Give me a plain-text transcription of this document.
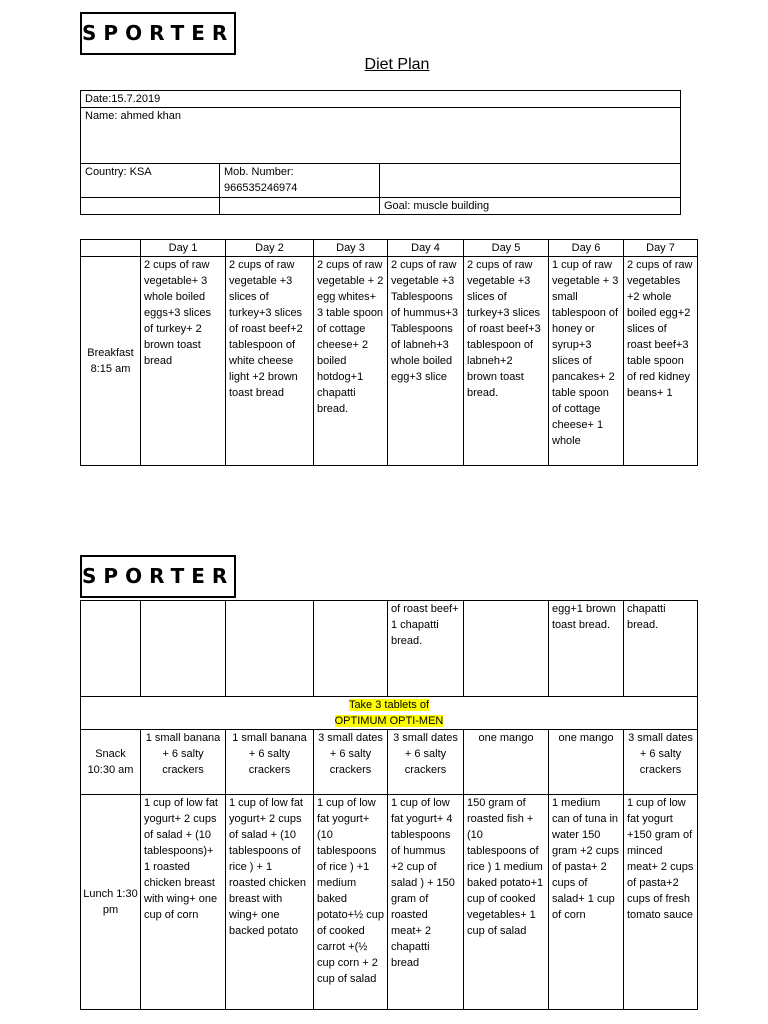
SPORTER
Diet Plan
Date:15.7.2019		
Name: ahmed khan		
Country: KSA	Mob. Number:
966535246974	

		Goal: muscle building
	Day 1	Day 2	Day 3	Day 4	Day 5	Day 6	Day 7
Breakfast 8:15 am	2 cups of raw vegetable+ 3 whole boiled eggs+3 slices of turkey+ 2 brown toast bread	2 cups of raw vegetable +3 slices of turkey+3 slices of roast beef+2 tablespoon of white cheese light +2 brown toast bread	2 cups of raw vegetable + 2 egg whites+ 3 table spoon of cottage cheese+ 2 boiled hotdog+1 chapatti bread.	2 cups of raw vegetable +3 Tablespoons of hummus+3 Tablespoons of labneh+3 whole boiled egg+3 slice	2 cups of raw vegetable +3 slices of turkey+3 slices of roast beef+3 tablespoon of labneh+2 brown toast bread.	1 cup of raw vegetable + 3 small tablespoon of honey or syrup+3 slices of pancakes+ 2 table spoon of cottage cheese+ 1 whole	2 cups of raw vegetables +2 whole boiled egg+2 slices of roast beef+3 table spoon of red kidney beans+ 1
SPORTER
				of roast beef+ 1 chapatti bread.		egg+1 brown toast bread.	chapatti bread.
Take 3 tablets of
OPTIMUM OPTI-MEN							
Snack 10:30 am	1 small banana + 6 salty crackers	1 small banana + 6 salty crackers	3 small dates + 6 salty crackers	3 small dates + 6 salty crackers	one mango	one mango	3 small dates + 6 salty crackers
Lunch 1:30 pm	1 cup of low fat yogurt+ 2 cups of salad + (10 tablespoons)+ 1 roasted chicken breast with wing+ one cup of corn	1 cup of low fat yogurt+ 2 cups of salad + (10 tablespoons of rice ) + 1 roasted chicken breast with wing+ one backed potato	1 cup of low fat yogurt+ (10 tablespoons of rice ) +1 medium baked potato+½ cup of cooked carrot +(½ cup corn + 2 cup of salad	1 cup of low fat yogurt+ 4 tablespoons of hummus +2 cup of salad ) + 150 gram of roasted meat+ 2 chapatti bread	150 gram of roasted fish + (10 tablespoons of rice ) 1 medium baked potato+1 cup of cooked vegetables+ 1 cup of salad	1 medium can of tuna in water 150 gram +2 cups of pasta+ 2 cups of salad+ 1 cup of corn	1 cup of low fat yogurt +150 gram of minced meat+ 2 cups of pasta+2 cups of fresh tomato sauce
